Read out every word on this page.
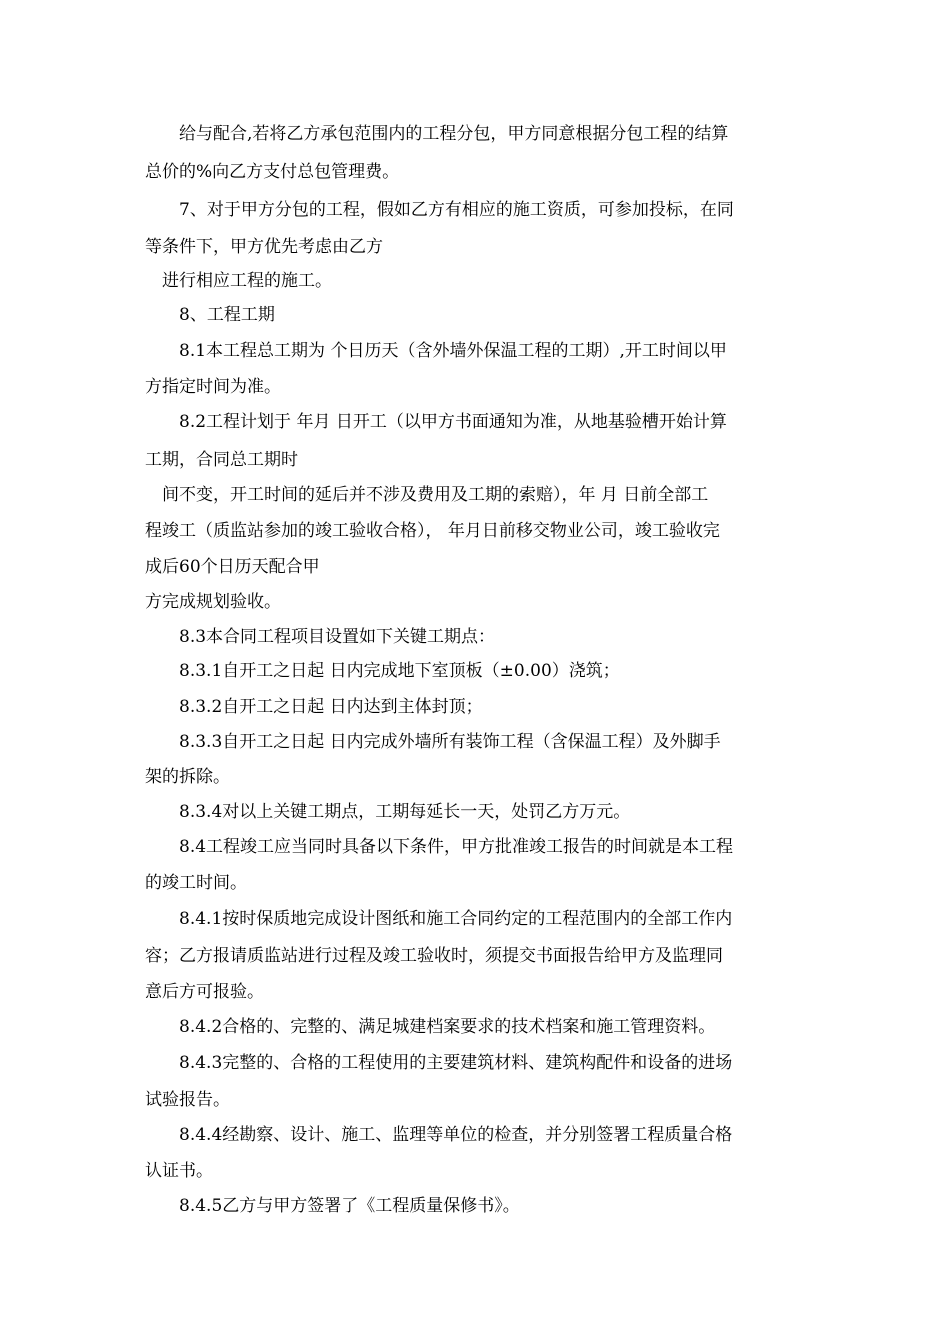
　　给与配合,若将乙方承包范围内的工程分包，甲方同意根据分包工程的结算

总价的%向乙方支付总包管理费。

　　7、对于甲方分包的工程，假如乙方有相应的施工资质，可参加投标，在同

等条件下，甲方优先考虑由乙方

　进行相应工程的施工。

　　8、工程工期

　　8.1本工程总工期为 个日历天（含外墙外保温工程的工期）,开工时间以甲

方指定时间为准。

　　8.2工程计划于 年月 日开工（以甲方书面通知为准，从地基验槽开始计算

工期，合同总工期时

　间不变，开工时间的延后并不涉及费用及工期的索赔），年 月 日前全部工

程竣工（质监站参加的竣工验收合格）， 年月日前移交物业公司，竣工验收完

成后60个日历天配合甲

方完成规划验收。

　　8.3本合同工程项目设置如下关键工期点：

　　8.3.1自开工之日起 日内完成地下室顶板（±0.00）浇筑；

　　8.3.2自开工之日起 日内达到主体封顶；

　　8.3.3自开工之日起 日内完成外墙所有装饰工程（含保温工程）及外脚手

架的拆除。

　　8.3.4对以上关键工期点，工期每延长一天，处罚乙方万元。

　　8.4工程竣工应当同时具备以下条件，甲方批准竣工报告的时间就是本工程

的竣工时间。

　　8.4.1按时保质地完成设计图纸和施工合同约定的工程范围内的全部工作内

容；乙方报请质监站进行过程及竣工验收时，须提交书面报告给甲方及监理同

意后方可报验。

　　8.4.2合格的、完整的、满足城建档案要求的技术档案和施工管理资料。

　　8.4.3完整的、合格的工程使用的主要建筑材料、建筑构配件和设备的进场

试验报告。

　　8.4.4经勘察、设计、施工、监理等单位的检查，并分别签署工程质量合格

认证书。

　　8.4.5乙方与甲方签署了《工程质量保修书》。
